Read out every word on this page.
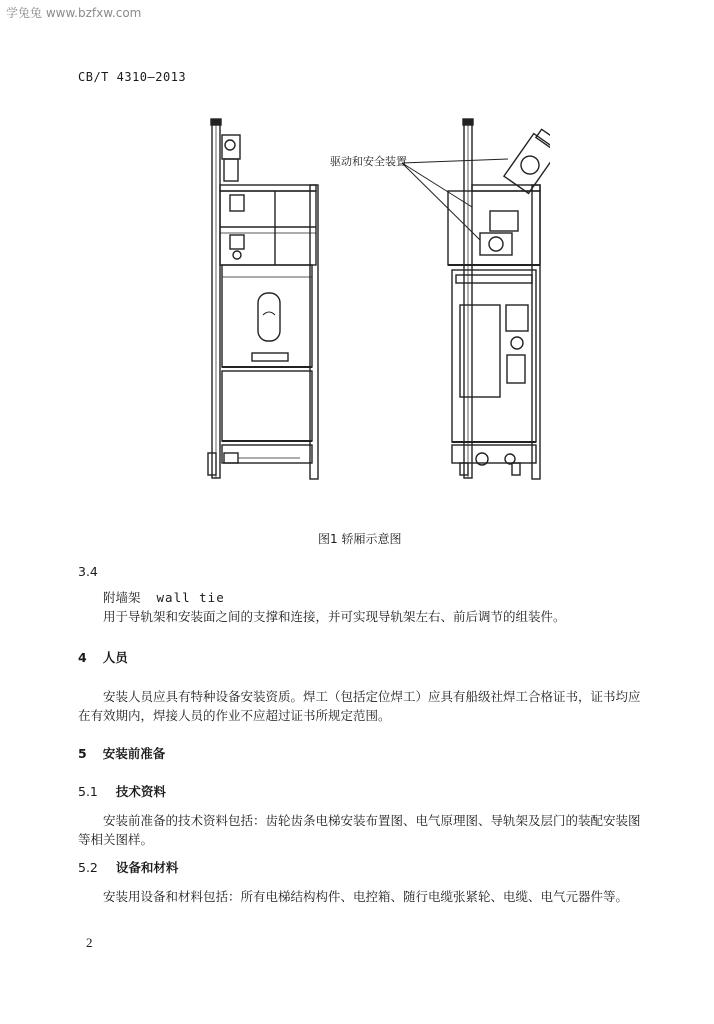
学兔兔 www.bzfxw.com
CB/T 4310—2013
驱动和安全装置
图1 轿厢示意图
3.4
附墙架 wall tie
用于导轨架和安装面之间的支撑和连接，并可实现导轨架左右、前后调节的组装件。
4 人员
安装人员应具有特种设备安装资质。焊工（包括定位焊工）应具有船级社焊工合格证书，证书均应
在有效期内，焊接人员的作业不应超过证书所规定范围。
5 安装前准备
5.1 技术资料
安装前准备的技术资料包括：齿轮齿条电梯安装布置图、电气原理图、导轨架及层门的装配安装图
等相关图样。
5.2 设备和材料
安装用设备和材料包括：所有电梯结构构件、电控箱、随行电缆张紧轮、电缆、电气元器件等。
2
